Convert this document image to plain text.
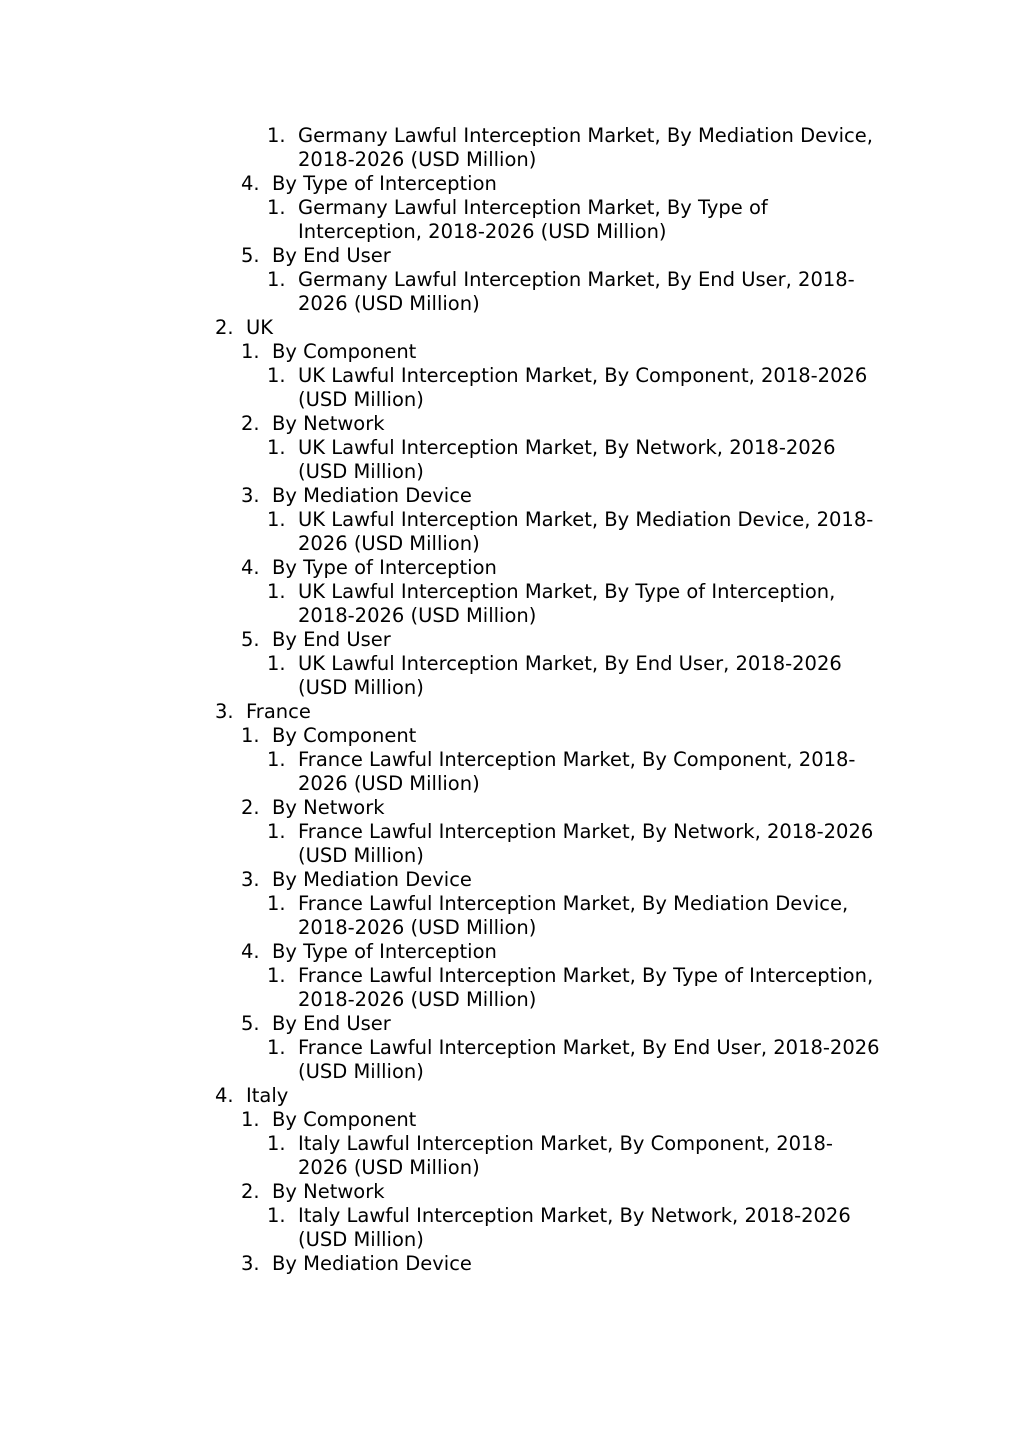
1. Germany Lawful Interception Market, By Mediation Device,
2018-2026 (USD Million)
4. By Type of Interception
1. Germany Lawful Interception Market, By Type of
Interception, 2018-2026 (USD Million)
5. By End User
1. Germany Lawful Interception Market, By End User, 2018-
2026 (USD Million)
2. UK
1. By Component
1. UK Lawful Interception Market, By Component, 2018-2026
(USD Million)
2. By Network
1. UK Lawful Interception Market, By Network, 2018-2026
(USD Million)
3. By Mediation Device
1. UK Lawful Interception Market, By Mediation Device, 2018-
2026 (USD Million)
4. By Type of Interception
1. UK Lawful Interception Market, By Type of Interception,
2018-2026 (USD Million)
5. By End User
1. UK Lawful Interception Market, By End User, 2018-2026
(USD Million)
3. France
1. By Component
1. France Lawful Interception Market, By Component, 2018-
2026 (USD Million)
2. By Network
1. France Lawful Interception Market, By Network, 2018-2026
(USD Million)
3. By Mediation Device
1. France Lawful Interception Market, By Mediation Device,
2018-2026 (USD Million)
4. By Type of Interception
1. France Lawful Interception Market, By Type of Interception,
2018-2026 (USD Million)
5. By End User
1. France Lawful Interception Market, By End User, 2018-2026
(USD Million)
4. Italy
1. By Component
1. Italy Lawful Interception Market, By Component, 2018-
2026 (USD Million)
2. By Network
1. Italy Lawful Interception Market, By Network, 2018-2026
(USD Million)
3. By Mediation Device
